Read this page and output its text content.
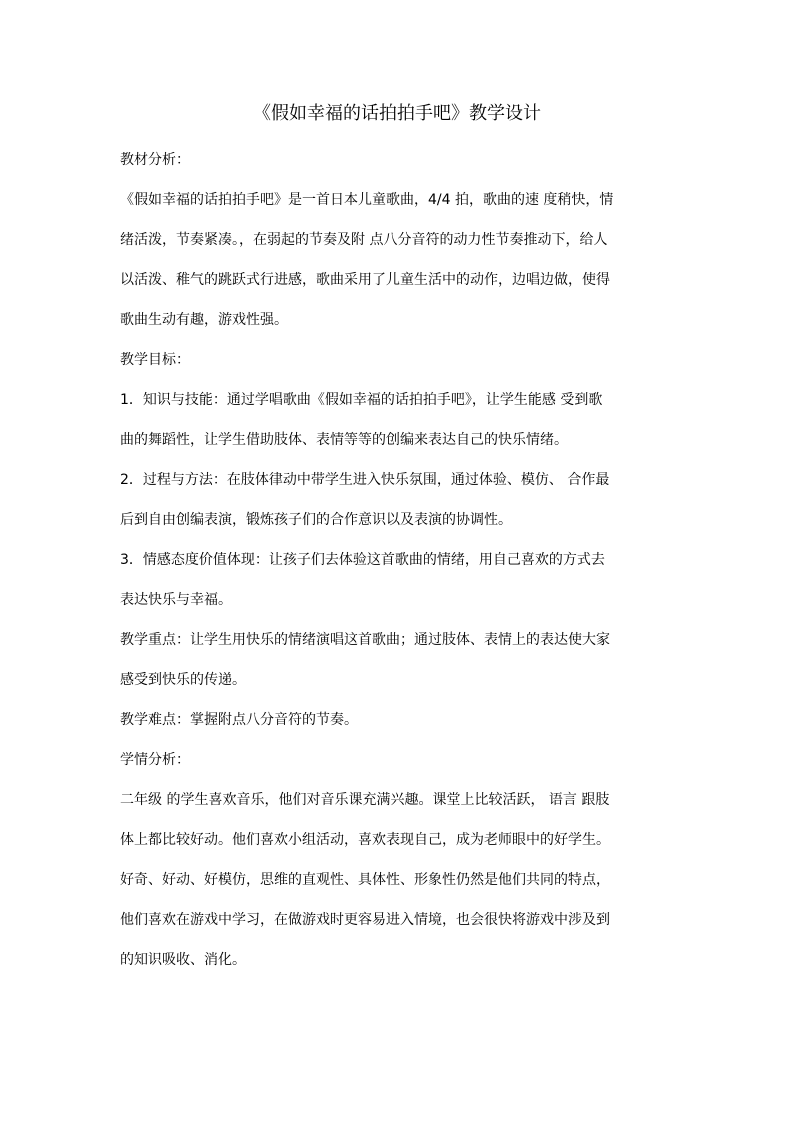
《假如幸福的话拍拍手吧》教学设计
教材分析：
《假如幸福的话拍拍手吧》是一首日本儿童歌曲，4/4 拍，歌曲的速 度稍快，情
绪活泼，节奏紧凑。，在弱起的节奏及附 点八分音符的动力性节奏推动下，给人
以活泼、稚气的跳跃式行进感，歌曲采用了儿童生活中的动作，边唱边做，使得
歌曲生动有趣，游戏性强。
教学目标：
1．知识与技能：通过学唱歌曲《假如幸福的话拍拍手吧》，让学生能感 受到歌
曲的舞蹈性，让学生借助肢体、表情等等的创编来表达自己的快乐情绪。
2．过程与方法：在肢体律动中带学生进入快乐氛围，通过体验、模仿、 合作最
后到自由创编表演，锻炼孩子们的合作意识以及表演的协调性。
3．情感态度价值体现：让孩子们去体验这首歌曲的情绪，用自己喜欢的方式去
表达快乐与幸福。
教学重点：让学生用快乐的情绪演唱这首歌曲；通过肢体、表情上的表达使大家
感受到快乐的传递。
教学难点：掌握附点八分音符的节奏。
学情分析：
二年级 的学生喜欢音乐，他们对音乐课充满兴趣。课堂上比较活跃， 语言 跟肢
体上都比较好动。他们喜欢小组活动，喜欢表现自己，成为老师眼中的好学生。
好奇、好动、好模仿，思维的直观性、具体性、形象性仍然是他们共同的特点，
他们喜欢在游戏中学习，在做游戏时更容易进入情境，也会很快将游戏中涉及到
的知识吸收、消化。
